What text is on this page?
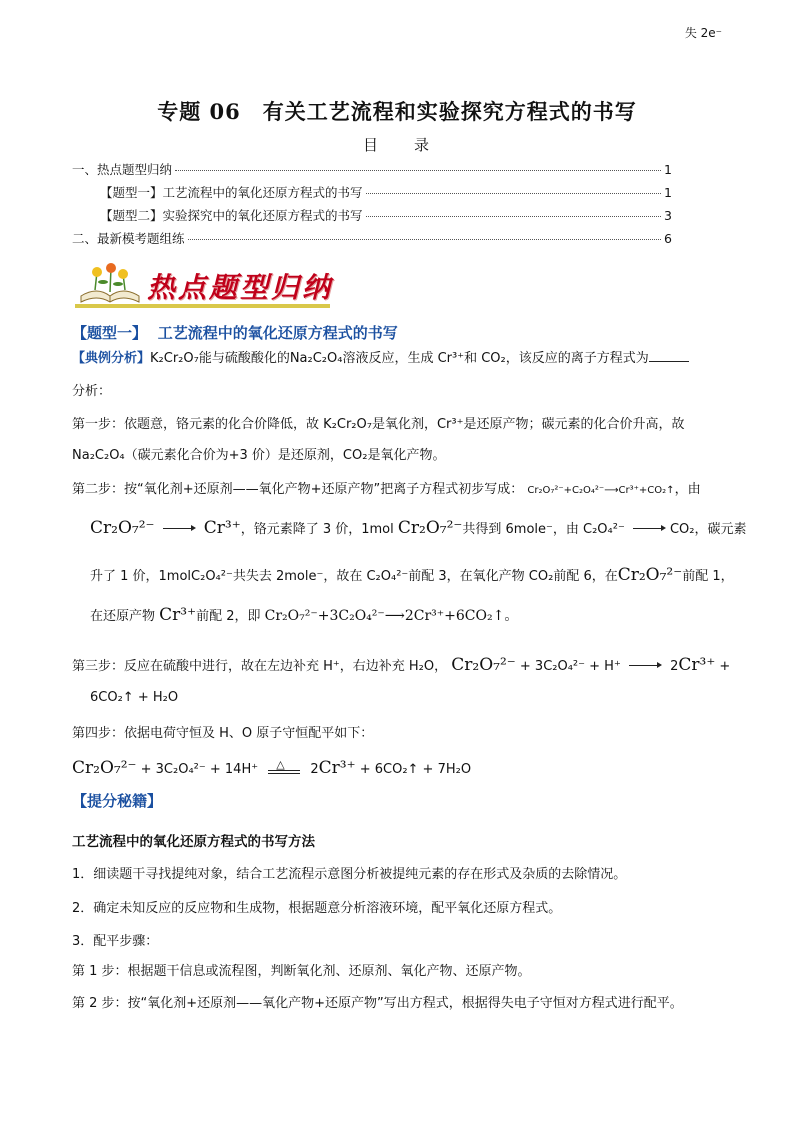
失 2e⁻
专题 06　有关工艺流程和实验探究方程式的书写
目　　录
一、热点题型归纳	1
【题型一】工艺流程中的氧化还原方程式的书写	1
【题型二】实验探究中的氧化还原方程式的书写	3
二、最新模考题组练	6
热点题型归纳
【题型一】 工艺流程中的氧化还原方程式的书写
【典例分析】K₂Cr₂O₇能与硫酸酸化的Na₂C₂O₄溶液反应，生成 Cr³⁺和 CO₂，该反应的离子方程式为
分析：
第一步：依题意，铬元素的化合价降低，故 K₂Cr₂O₇是氧化剂，Cr³⁺是还原产物；碳元素的化合价升高，故
Na₂C₂O₄（碳元素化合价为+3 价）是还原剂，CO₂是氧化产物。
第二步：按“氧化剂+还原剂——氧化产物+还原产物”把离子方程式初步写成： Cr₂O₇²⁻+C₂O₄²⁻⟶Cr³⁺+CO₂↑，由
Cr₂O₇²⁻	Cr³⁺，铬元素降了 3 价，1mol Cr₂O₇²⁻共得到 6mole⁻，由 C₂O₄²⁻	CO₂，碳元素
升了 1 价，1molC₂O₄²⁻共失去 2mole⁻，故在 C₂O₄²⁻前配 3，在氧化产物 CO₂前配 6，在Cr₂O₇²⁻前配 1，
在还原产物 Cr³⁺前配 2，即 Cr₂O₇²⁻+3C₂O₄²⁻⟶2Cr³⁺+6CO₂↑。
第三步：反应在硫酸中进行，故在左边补充 H⁺，右边补充 H₂O， Cr₂O₇²⁻ + 3C₂O₄²⁻ + H⁺	2Cr³⁺ +
6CO₂↑ + H₂O
第四步：依据电荷守恒及 H、O 原子守恒配平如下：
Cr₂O₇²⁻ + 3C₂O₄²⁻ + 14H⁺ △ 2Cr³⁺ + 6CO₂↑ + 7H₂O
【提分秘籍】
工艺流程中的氧化还原方程式的书写方法
1．细读题干寻找提纯对象，结合工艺流程示意图分析被提纯元素的存在形式及杂质的去除情况。
2．确定未知反应的反应物和生成物，根据题意分析溶液环境，配平氧化还原方程式。
3．配平步骤：
第 1 步：根据题干信息或流程图，判断氧化剂、还原剂、氧化产物、还原产物。
第 2 步：按“氧化剂+还原剂——氧化产物+还原产物”写出方程式，根据得失电子守恒对方程式进行配平。
